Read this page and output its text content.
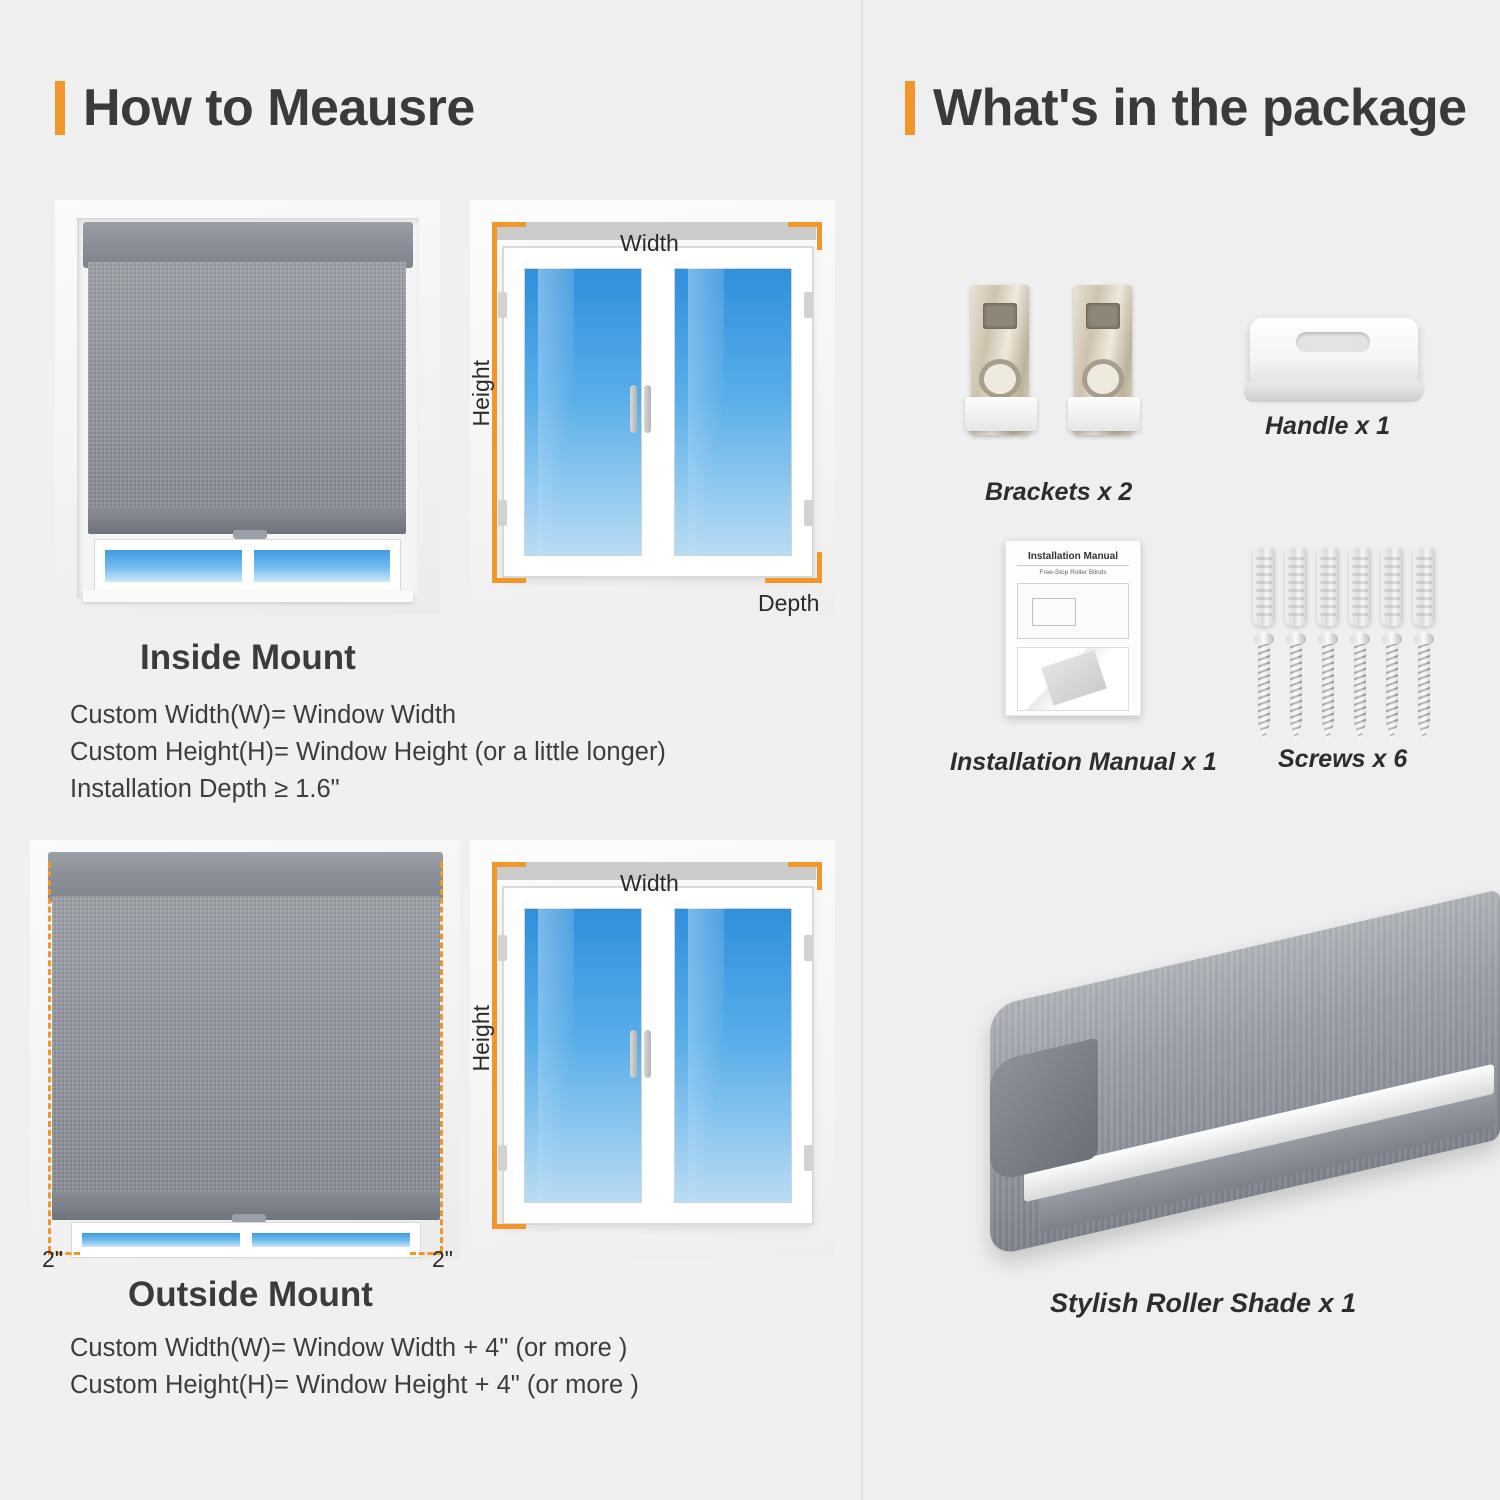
How to Meausre
Width
Height
Depth
Inside Mount
Custom Width(W)= Window Width
Custom Height(H)= Window Height (or a little longer)
Installation Depth ≥ 1.6"
2"	2"
Width
Height
Outside Mount
Custom Width(W)= Window Width + 4" (or more )
Custom Height(H)= Window Height + 4" (or more )
What's in the package
Brackets x 2
Handle x 1
Installation Manual
Free-Stop Roller Blinds
Installation Manual x 1 Screws x 6
Stylish Roller Shade x 1
